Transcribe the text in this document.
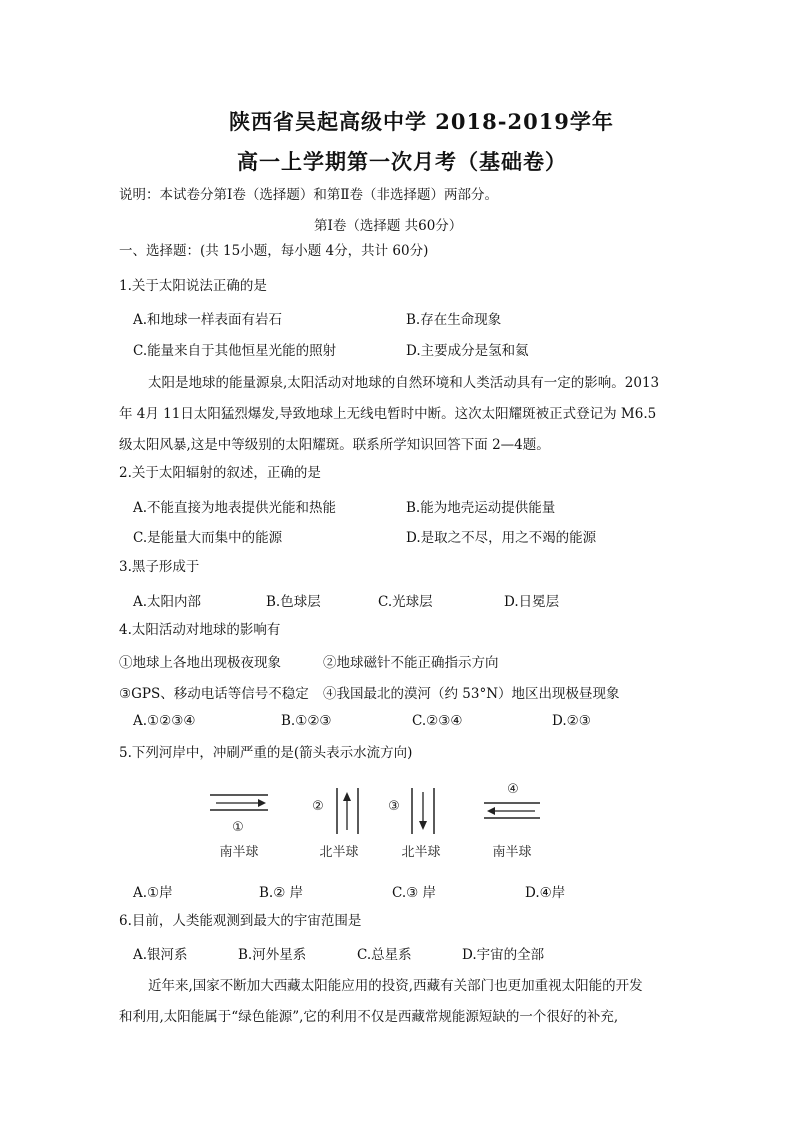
陕西省吴起高级中学 2018-2019学年
高一上学期第一次月考（基础卷）
说明：本试卷分第Ⅰ卷（选择题）和第Ⅱ卷（非选择题）两部分。
第Ⅰ卷（选择题 共60分）
一、选择题：(共 15小题，每小题 4分，共计 60分)
1.关于太阳说法正确的是
A.和地球一样表面有岩石	B.存在生命现象
C.能量来自于其他恒星光能的照射	D.主要成分是氢和氦
太阳是地球的能量源泉,太阳活动对地球的自然环境和人类活动具有一定的影响。2013
年 4月 11日太阳猛烈爆发,导致地球上无线电暂时中断。这次太阳耀斑被正式登记为 M6.5
级太阳风暴,这是中等级别的太阳耀斑。联系所学知识回答下面 2—4题。
2.关于太阳辐射的叙述，正确的是
A.不能直接为地表提供光能和热能	B.能为地壳运动提供能量
C.是能量大而集中的能源	D.是取之不尽，用之不竭的能源
3.黑子形成于
A.太阳内部	B.色球层	C.光球层	D.日冕层
4.太阳活动对地球的影响有
①地球上各地出现极夜现象	②地球磁针不能正确指示方向
③GPS、移动电话等信号不稳定 ④我国最北的漠河（约 53°N）地区出现极昼现象
A.①②③④	B.①②③	C.②③④	D.②③
5.下列河岸中，冲刷严重的是(箭头表示水流方向)
①
南半球
②
北半球
③
北半球
④
南半球
A.①岸	B.② 岸	C.③ 岸	D.④岸
6.目前，人类能观测到最大的宇宙范围是
A.银河系	B.河外星系	C.总星系	D.宇宙的全部
近年来,国家不断加大西藏太阳能应用的投资,西藏有关部门也更加重视太阳能的开发
和利用,太阳能属于“绿色能源”,它的利用不仅是西藏常规能源短缺的一个很好的补充,
